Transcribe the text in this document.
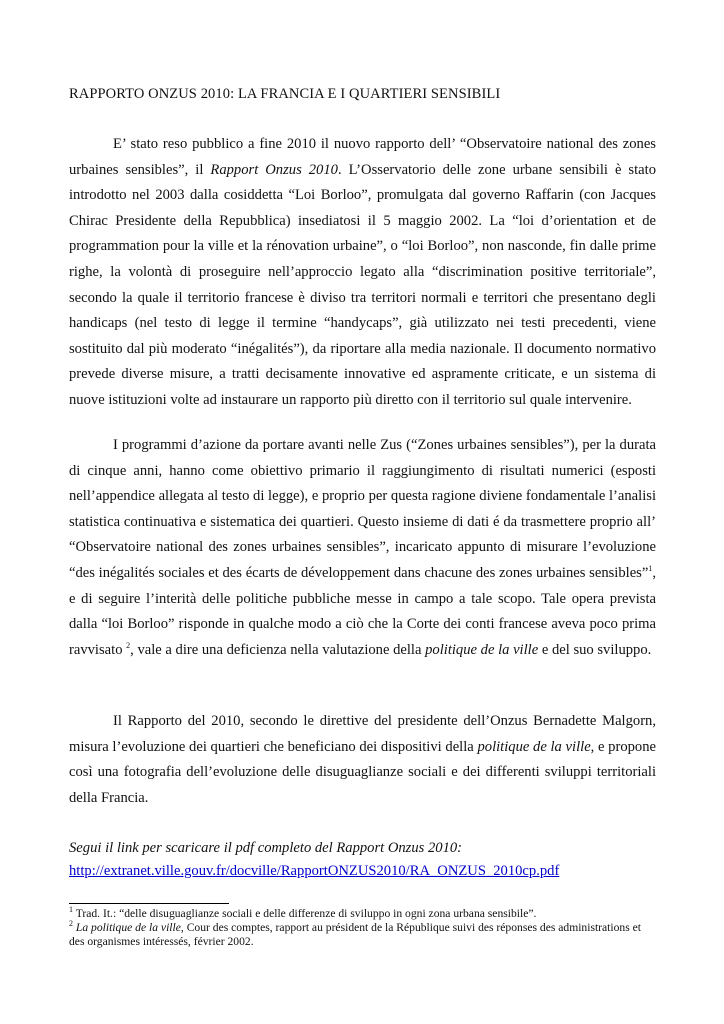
RAPPORTO ONZUS 2010: LA FRANCIA E I QUARTIERI SENSIBILI

E’ stato reso pubblico a fine 2010 il nuovo rapporto dell’ “Observatoire national des zones urbaines sensibles”, il Rapport Onzus 2010. L’Osservatorio delle zone urbane sensibili è stato introdotto nel 2003 dalla cosiddetta “Loi Borloo”, promulgata dal governo Raffarin (con Jacques Chirac Presidente della Repubblica) insediatosi il 5 maggio 2002. La “loi d’orientation et de programmation pour la ville et la rénovation urbaine”, o “loi Borloo”, non nasconde, fin dalle prime righe, la volontà di proseguire nell’approccio legato alla “discrimination positive territoriale”, secondo la quale il territorio francese è diviso tra territori normali e territori che presentano degli handicaps (nel testo di legge il termine “handycaps”, già utilizzato nei testi precedenti, viene sostituito dal più moderato “inégalités”), da riportare alla media nazionale. Il documento normativo prevede diverse misure, a tratti decisamente innovative ed aspramente criticate, e un sistema di nuove istituzioni volte ad instaurare un rapporto più diretto con il territorio sul quale intervenire.

I programmi d’azione da portare avanti nelle Zus (“Zones urbaines sensibles”), per la durata di cinque anni, hanno come obiettivo primario il raggiungimento di risultati numerici (esposti nell’appendice allegata al testo di legge), e proprio per questa ragione diviene fondamentale l’analisi statistica continuativa e sistematica dei quartieri. Questo insieme di dati é da trasmettere proprio all’ “Observatoire national des zones urbaines sensibles”, incaricato appunto di misurare l’evoluzione “des inégalités sociales et des écarts de développement dans chacune des zones urbaines sensibles”$^1$, e di seguire l’interità delle politiche pubbliche messe in campo a tale scopo. Tale opera prevista dalla “loi Borloo” risponde in qualche modo a ciò che la Corte dei conti francese aveva poco prima ravvisato $^2$, vale a dire una deficienza nella valutazione della politique de la ville e del suo sviluppo.

Il Rapporto del 2010, secondo le direttive del presidente dell’Onzus Bernadette Malgorn, misura l’evoluzione dei quartieri che beneficiano dei dispositivi della politique de la ville, e propone così una fotografia dell’evoluzione delle disuguaglianze sociali e dei differenti sviluppi territoriali della Francia.

Segui il link per scaricare il pdf completo del Rapport Onzus 2010:

http://extranet.ville.gouv.fr/docville/RapportONZUS2010/RA_ONZUS_2010cp.pdf

$^1$ Trad. It.: “delle disuguaglianze sociali e delle differenze di sviluppo in ogni zona urbana sensibile”.

$^2$ La politique de la ville, Cour des comptes, rapport au président de la République suivi des réponses des administrations et des organismes intéressés, février 2002.
